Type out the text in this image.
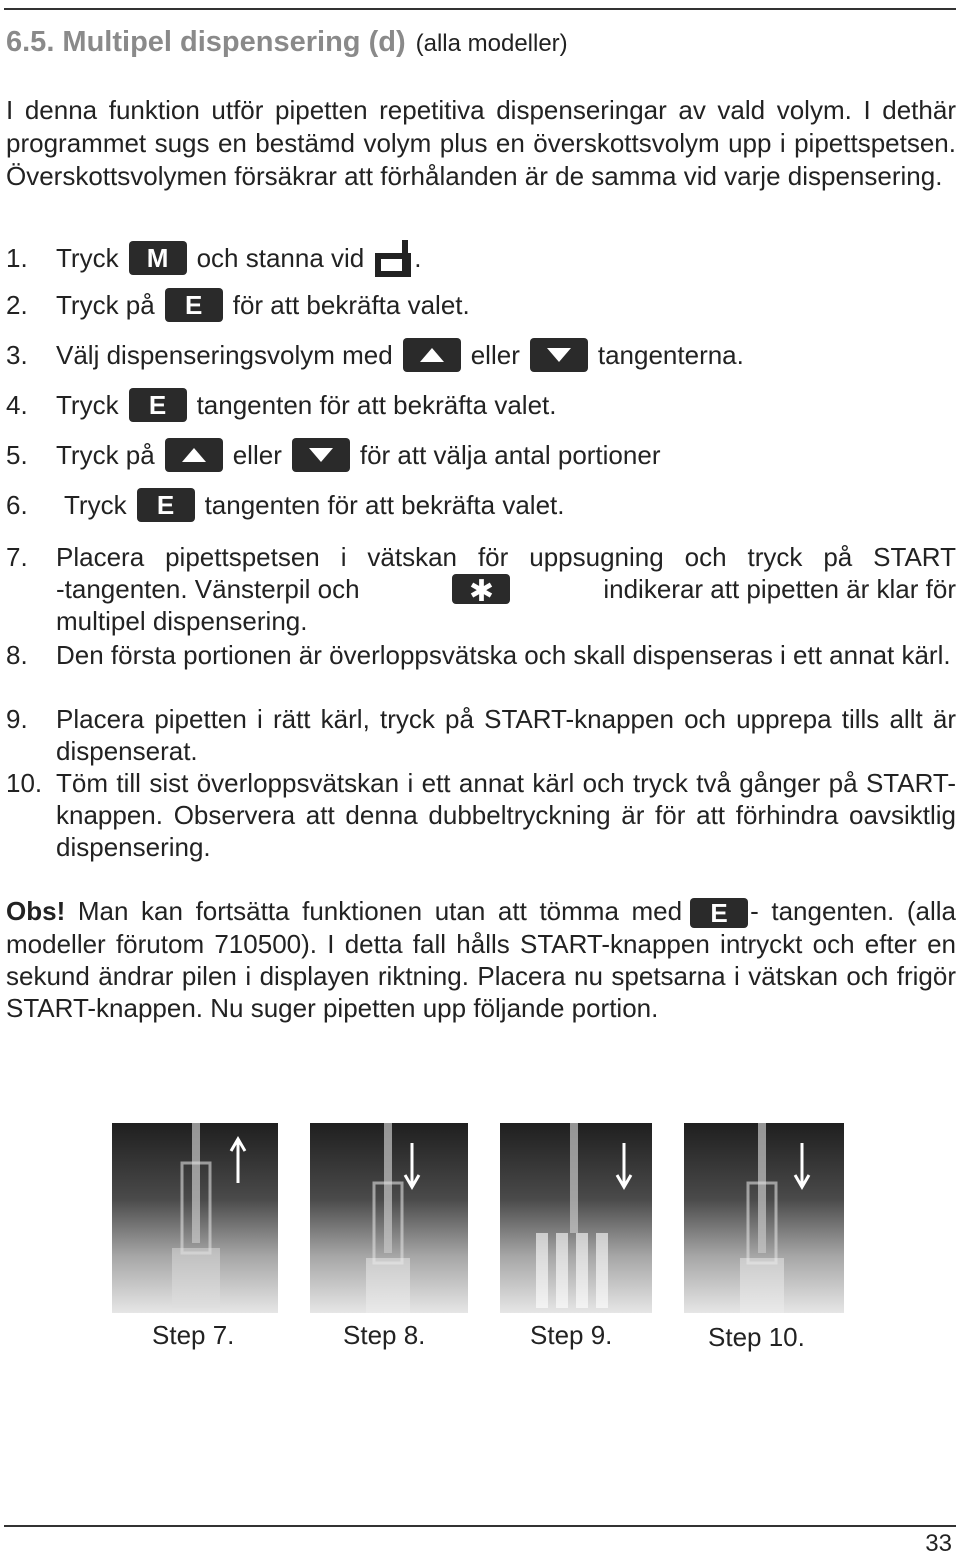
6.5. Multipel dispensering (d) (alla modeller)
I denna funktion utför pipetten repetitiva dispenseringar av vald volym. I dethär programmet sugs en bestämd volym plus en överskottsvolym upp i pipettspetsen. Överskottsvolymen försäkrar att förhålanden är de samma vid varje dispensering.
1.	Tryck	M	och stanna vid .
2.	Tryck på	E	för att bekräfta valet.
3.	Välj dispenseringsvolym med	eller	tangenterna.
4.	Tryck	E	tangenten för att bekräfta valet.
5.	Tryck på	eller	för att välja antal portioner
6.	Tryck	E	tangenten för att bekräfta valet.
7. Placera pipettspetsen i vätskan för uppsugning och tryck på START
-tangenten. Vänsterpil och	✱	indikerar att pipetten är klar för
multipel dispensering.
8. Den första portionen är överloppsvätska och skall dispenseras i ett annat kärl.
9. Placera pipetten i rätt kärl, tryck på START-knappen och upprepa tills allt är dispenserat.
10. Töm till sist överloppsvätskan i ett annat kärl och tryck två gånger på START-knappen. Observera att denna dubbeltryckning är för att förhindra oavsiktlig dispensering.
Obs! Man kan fortsätta funktionen utan att tömma med E - tangenten. (alla modeller förutom 710500). I detta fall hålls START-knappen intryckt och efter en sekund ändrar pilen i displayen riktning. Placera nu spetsarna i vätskan och frigör START-knappen. Nu suger pipetten upp följande portion.
Step 7.	Step 8.	Step 9.	Step 10.
33
